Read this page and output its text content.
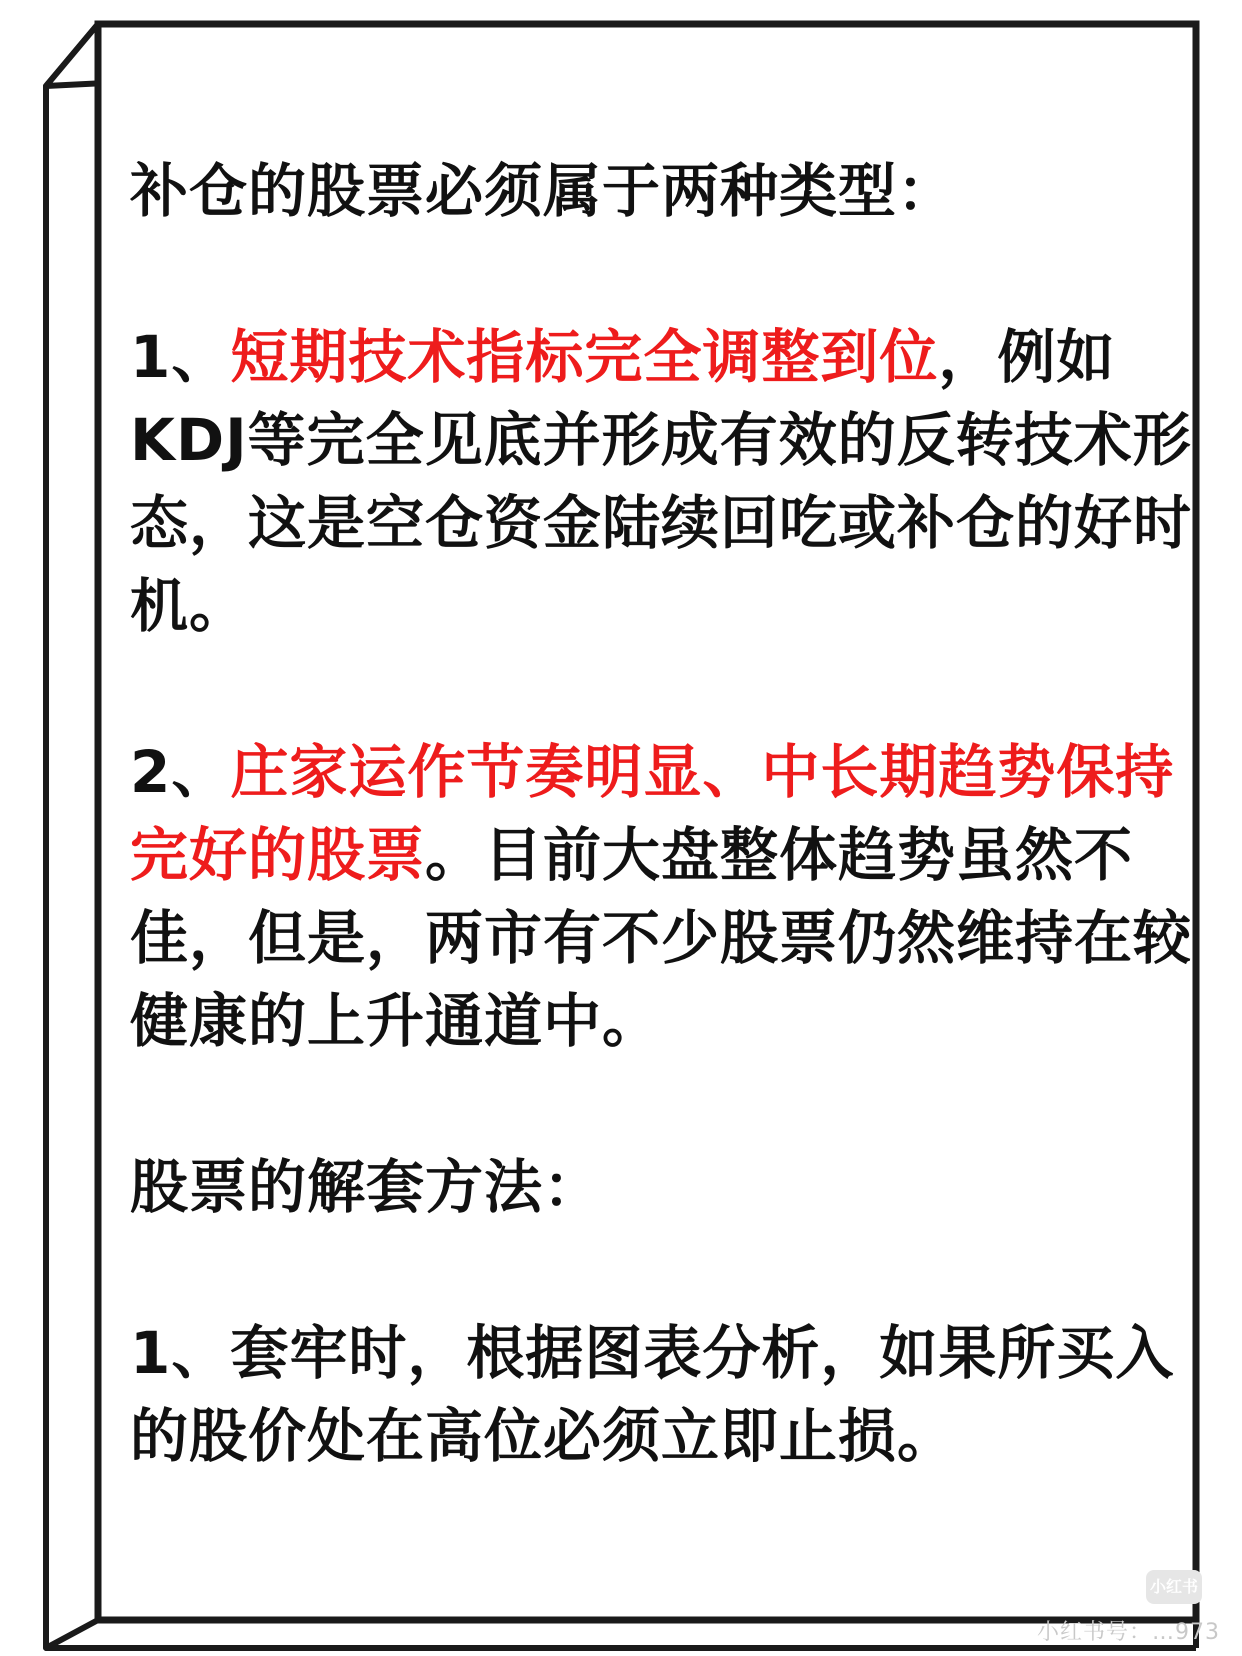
补仓的股票必须属于两种类型：

1、短期技术指标完全调整到位，例如KDJ等完全见底并形成有效的反转技术形态，这是空仓资金陆续回吃或补仓的好时机。

2、庄家运作节奏明显、中长期趋势保持完好的股票。目前大盘整体趋势虽然不佳，但是，两市有不少股票仍然维持在较健康的上升通道中。

股票的解套方法：

1、套牢时，根据图表分析，如果所买入的股价处在高位必须立即止损。

小红书
小红书号：…973
